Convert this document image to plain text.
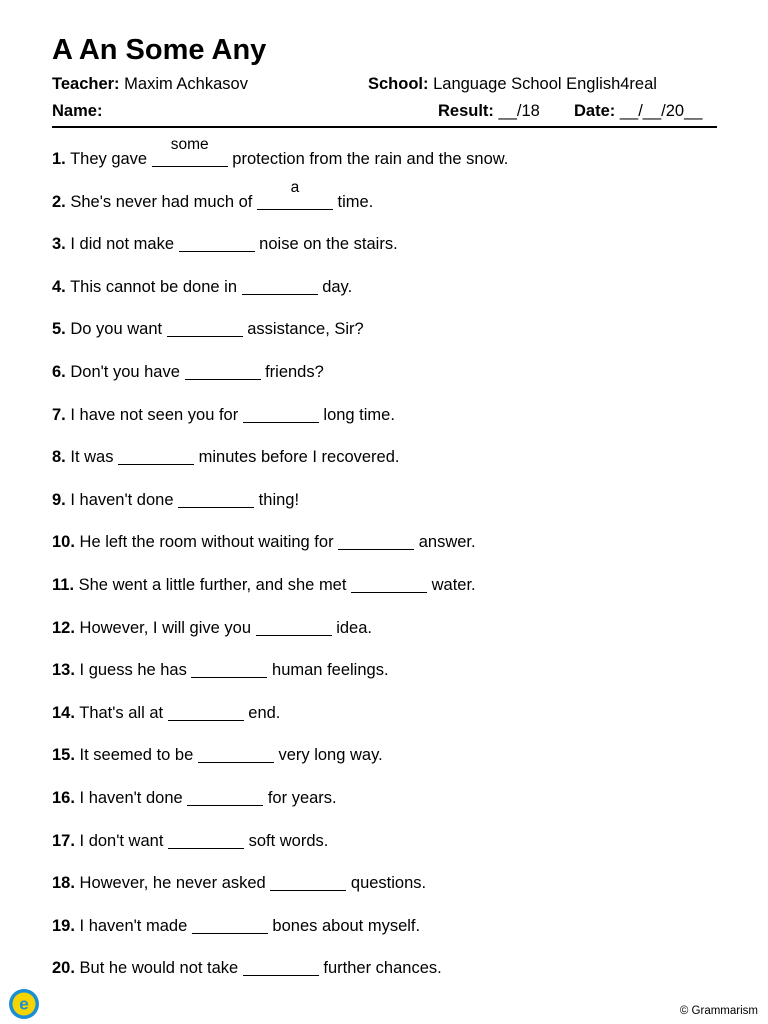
A An Some Any
Teacher: Maxim Achkasov	School: Language School English4real
Name:	Result: __/18 Date: __/__/20__
1. They gave
some
protection from the rain and the snow.
2. She's never had much of
a
time.
3. I did not make	noise on the stairs.
4. This cannot be done in	day.
5. Do you want	assistance, Sir?
6. Don't you have	friends?
7. I have not seen you for	long time.
8. It was	minutes before I recovered.
9. I haven't done	thing!
10. He left the room without waiting for	answer.
11. She went a little further, and she met	water.
12. However, I will give you	idea.
13. I guess he has	human feelings.
14. That's all at	end.
15. It seemed to be	very long way.
16. I haven't done	for years.
17. I don't want	soft words.
18. However, he never asked	questions.
19. I haven't made	bones about myself.
20. But he would not take	further chances.
e	© Grammarism
